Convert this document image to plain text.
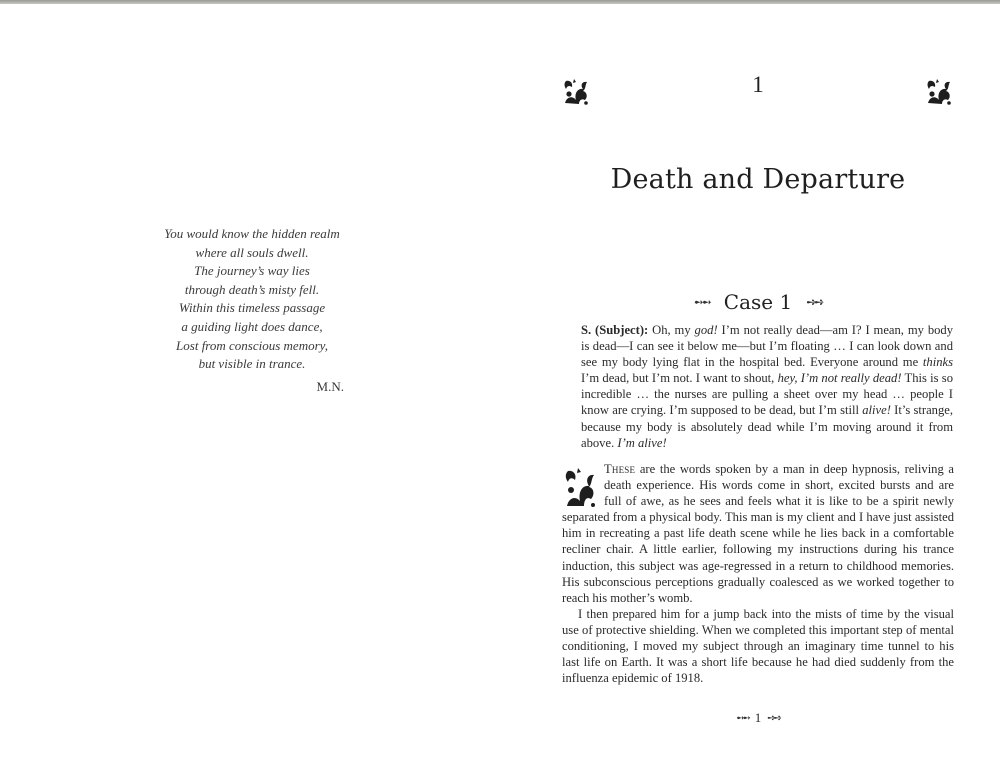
You would know the hidden realm
where all souls dwell.
The journey’s way lies
through death’s misty fell.
Within this timeless passage
a guiding light does dance,
Lost from conscious memory,
but visible in trance.
M.N.
1
Death and Departure
➻➻ Case 1 ➺➺
S. (Subject): Oh, my god! I’m not really dead—am I? I mean, my body is dead—I can see it below me—but I’m floating … I can look down and see my body lying flat in the hospital bed. Everyone around me thinks I’m dead, but I’m not. I want to shout, hey, I’m not really dead! This is so incredible … the nurses are pulling a sheet over my head … people I know are crying. I’m supposed to be dead, but I’m still alive! It’s strange, because my body is absolutely dead while I’m moving around it from above. I’m alive!

These are the words spoken by a man in deep hypnosis, reliving a death experience. His words come in short, excited bursts and are full of awe, as he sees and feels what it is like to be a spirit newly separated from a physical body. This man is my client and I have just assisted him in recreating a past life death scene while he lies back in a comfortable recliner chair. A little earlier, following my instructions during his trance induction, this subject was age-regressed in a return to childhood memories. His subconscious perceptions gradually coalesced as we worked together to reach his mother’s womb.

I then prepared him for a jump back into the mists of time by the visual use of protective shielding. When we completed this important step of mental conditioning, I moved my subject through an imaginary time tunnel to his last life on Earth. It was a short life because he had died suddenly from the influenza epidemic of 1918.

➻➻ 1 ➺➺
